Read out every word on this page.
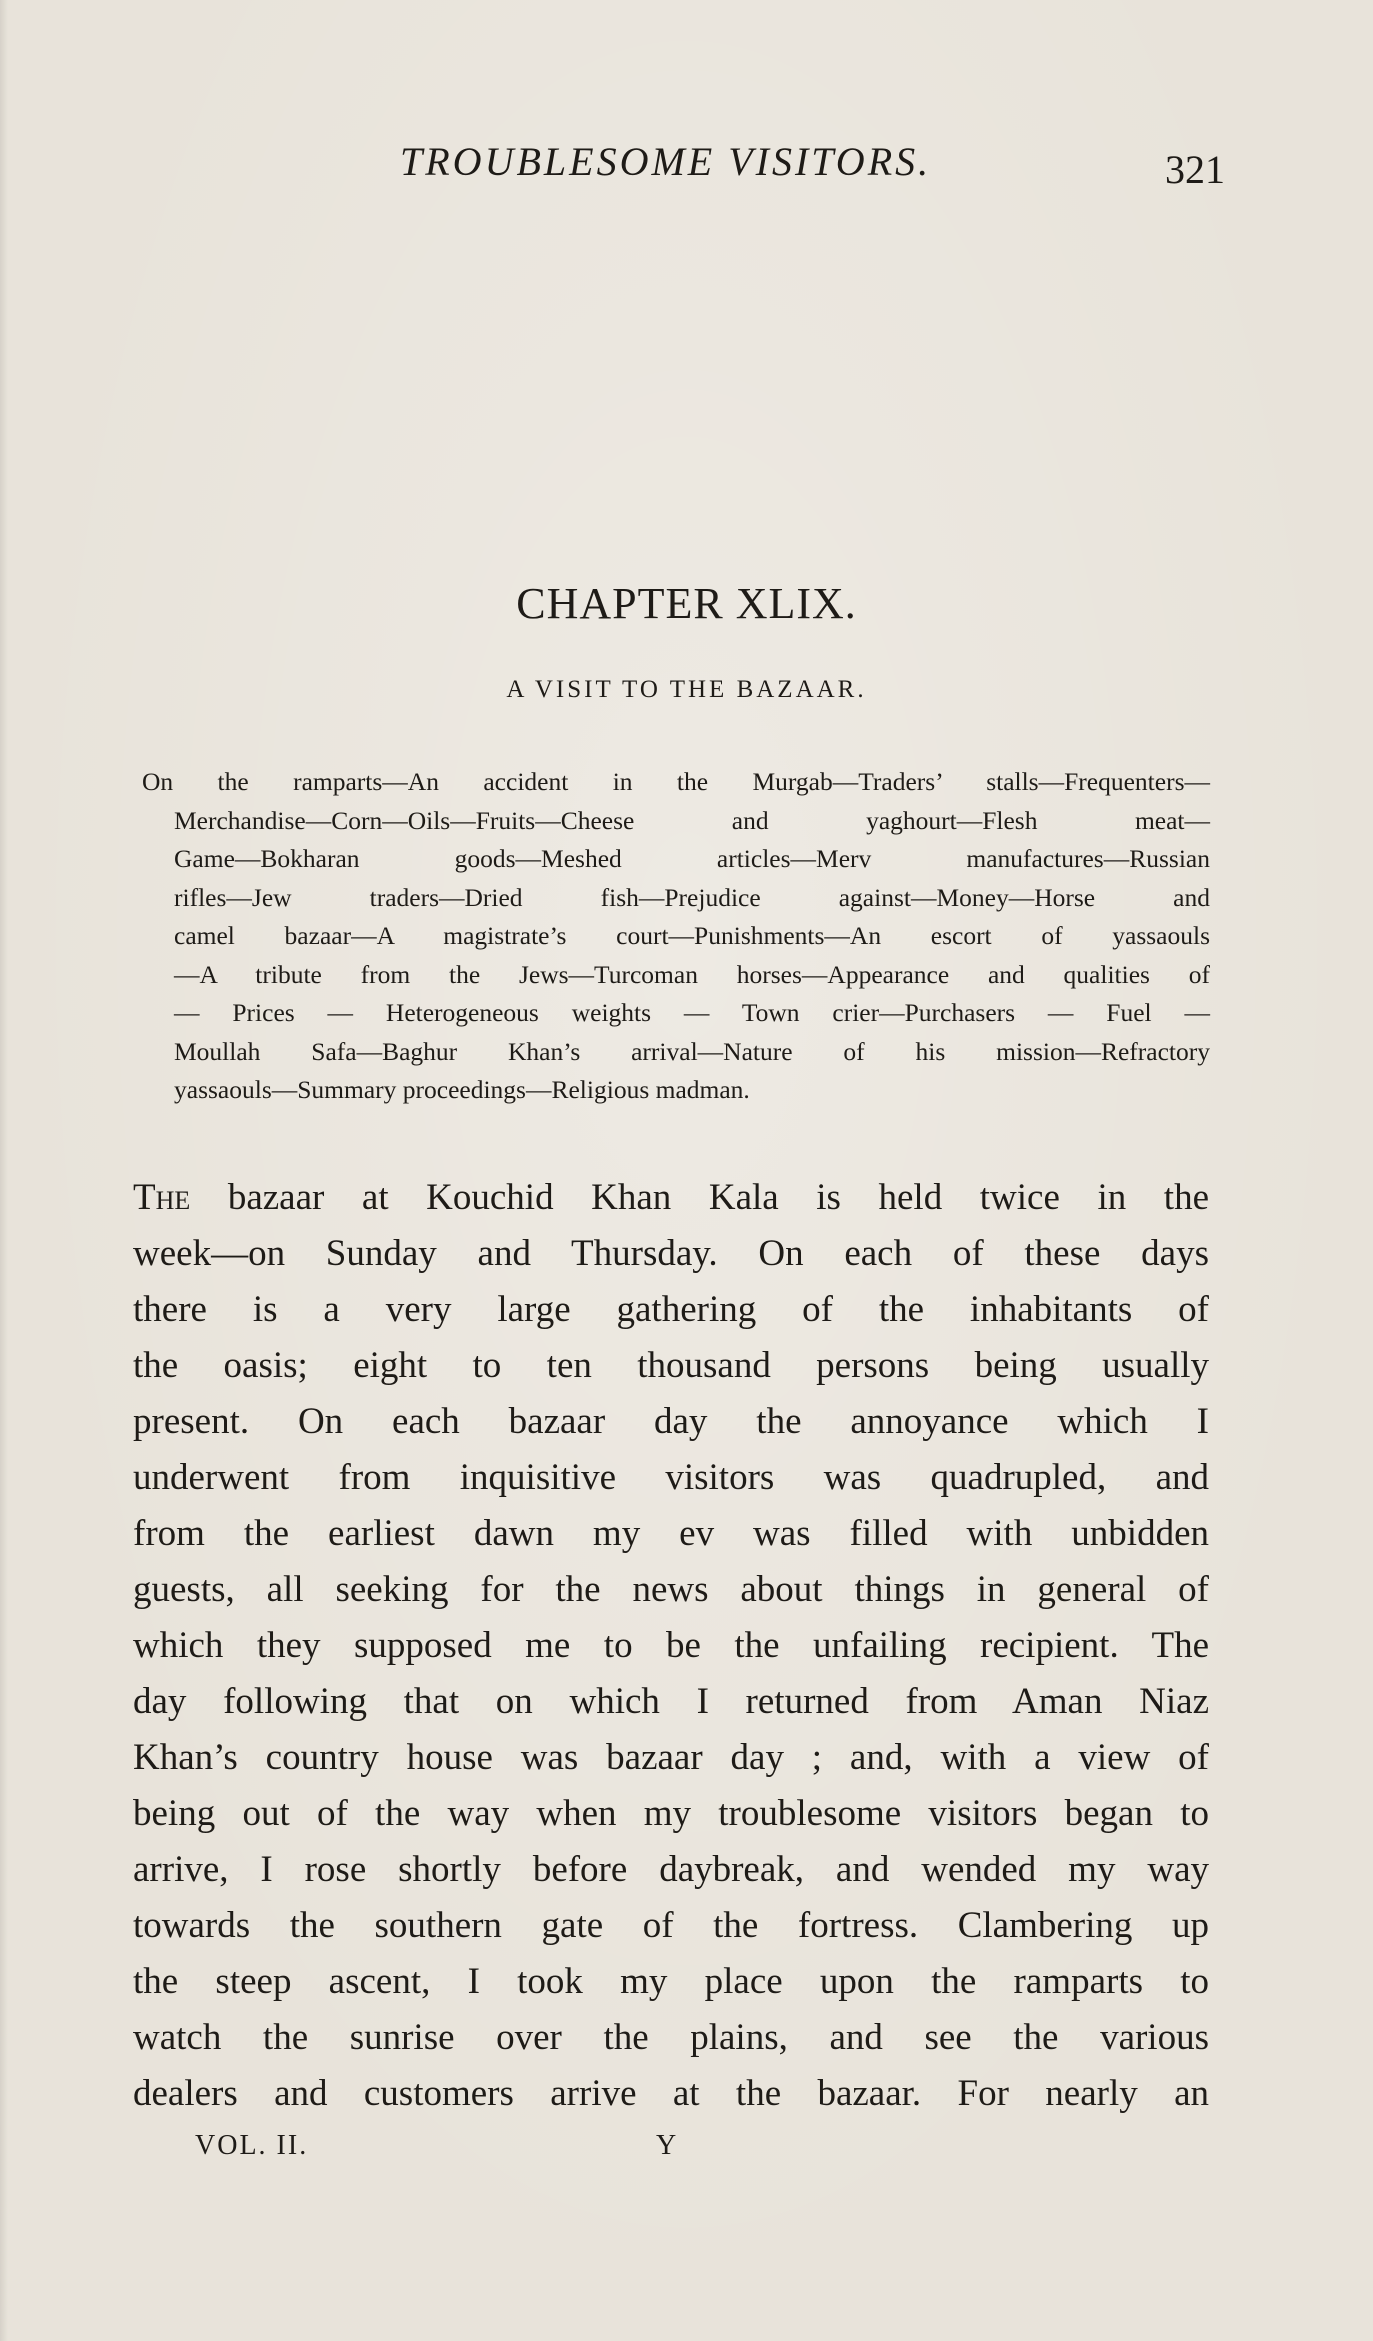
TROUBLESOME VISITORS.	321
CHAPTER XLIX.
A VISIT TO THE BAZAAR.
On the ramparts—An accident in the Murgab—Traders’ stalls—Frequenters—
Merchandise—Corn—Oils—Fruits—Cheese and yaghourt—Flesh meat—
Game—Bokharan goods—Meshed articles—Merv manufactures—Russian
rifles—Jew traders—Dried fish—Prejudice against—Money—Horse and
camel bazaar—A magistrate’s court—Punishments—An escort of yassaouls
—A tribute from the Jews—Turcoman horses—Appearance and qualities of
— Prices — Heterogeneous weights — Town crier—Purchasers — Fuel —
Moullah Safa—Baghur Khan’s arrival—Nature of his mission—Refractory
yassaouls—Summary proceedings—Religious madman.
The bazaar at Kouchid Khan Kala is held twice in the
week—on Sunday and Thursday. On each of these days
there is a very large gathering of the inhabitants of
the oasis; eight to ten thousand persons being usually
present. On each bazaar day the annoyance which I
underwent from inquisitive visitors was quadrupled, and
from the earliest dawn my ev was filled with unbidden
guests, all seeking for the news about things in general of
which they supposed me to be the unfailing recipient. The
day following that on which I returned from Aman Niaz
Khan’s country house was bazaar day ; and, with a view of
being out of the way when my troublesome visitors began to
arrive, I rose shortly before daybreak, and wended my way
towards the southern gate of the fortress. Clambering up
the steep ascent, I took my place upon the ramparts to
watch the sunrise over the plains, and see the various
dealers and customers arrive at the bazaar. For nearly an
VOL. II.	Y
